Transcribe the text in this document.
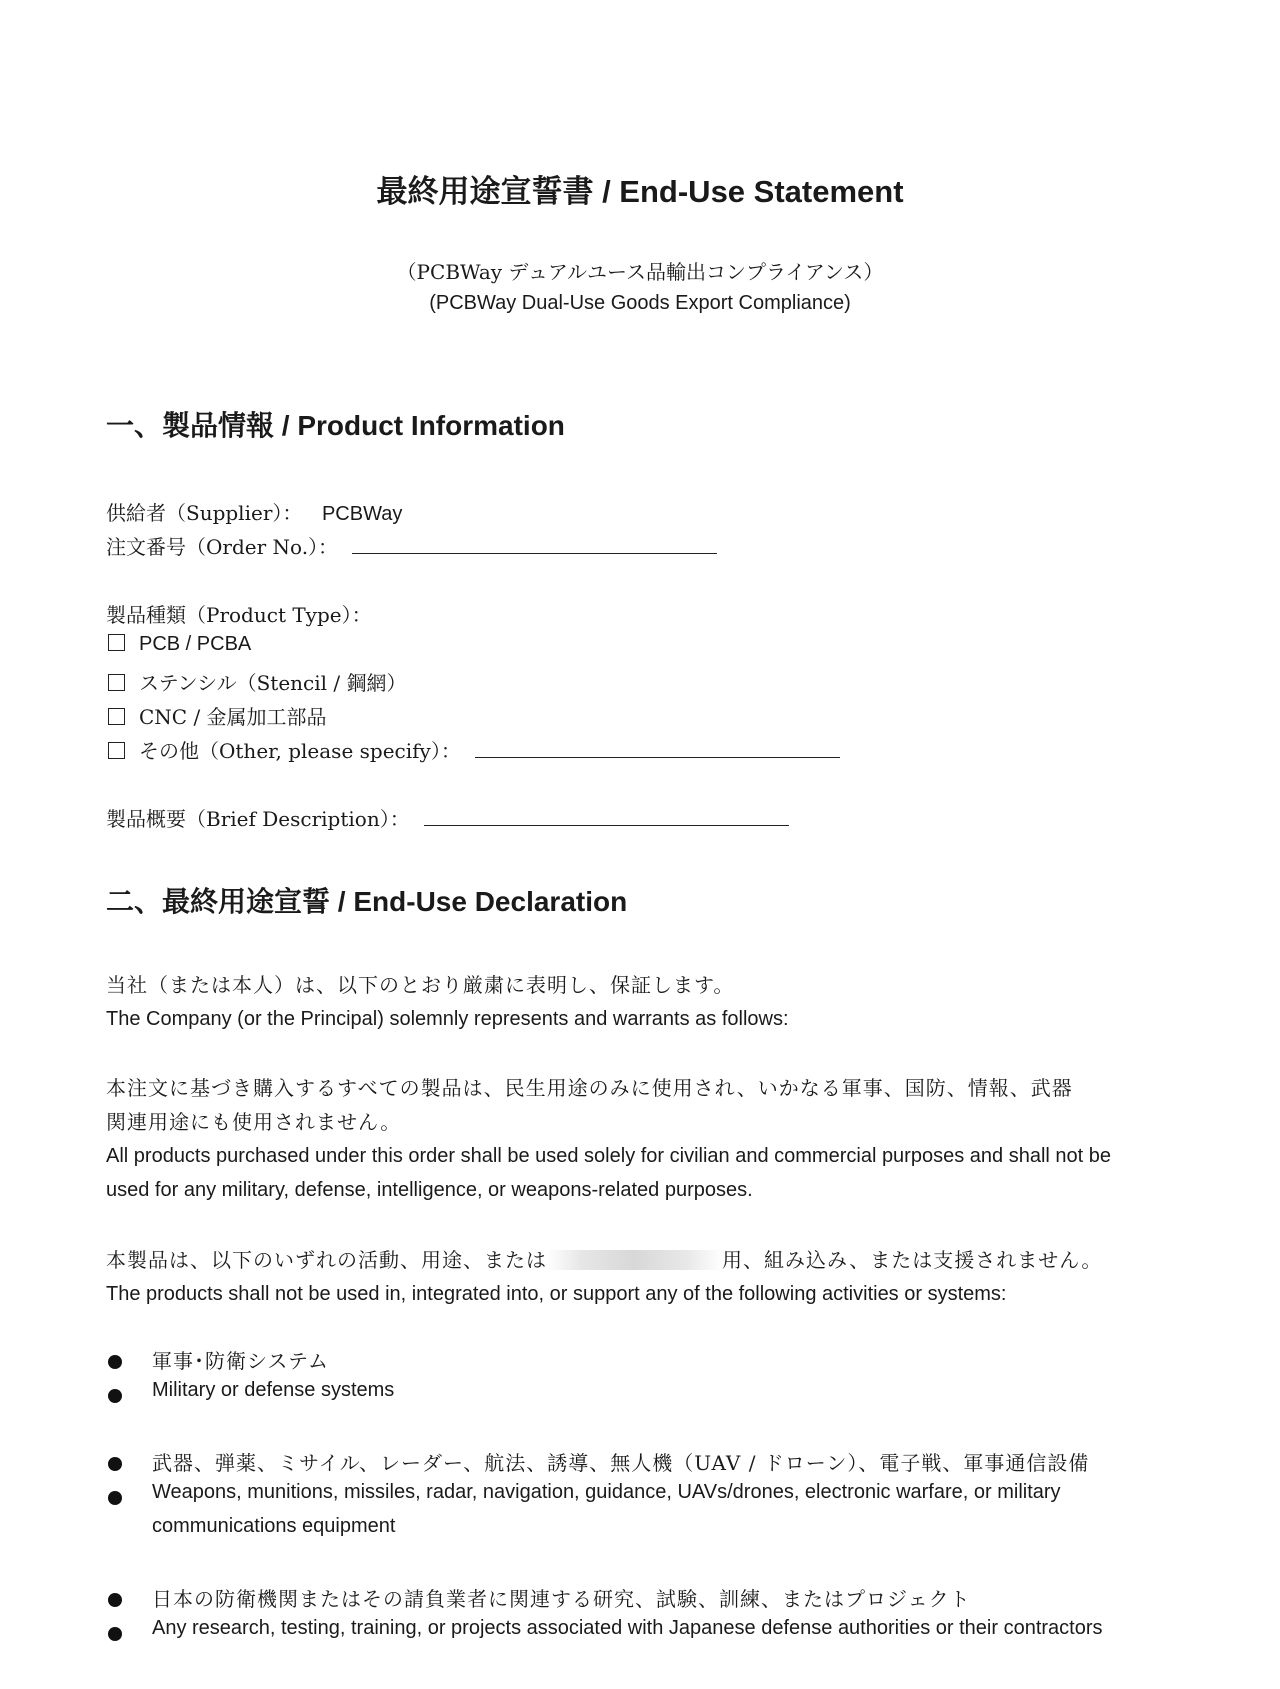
最終用途宣誓書 / End-Use Statement
（PCBWay デュアルユース品輸出コンプライアンス）
(PCBWay Dual-Use Goods Export Compliance)
一、製品情報 / Product Information
供給者（Supplier）： PCBWay
注文番号（Order No.）：
製品種類（Product Type）：
PCB / PCBA
ステンシル（Stencil / 鋼網）
CNC / 金属加工部品
その他（Other, please specify）：
製品概要（Brief Description）：
二、最終用途宣誓 / End-Use Declaration
当社（または本人）は、以下のとおり厳粛に表明し、保証します。
The Company (or the Principal) solemnly represents and warrants as follows:
本注文に基づき購入するすべての製品は、民生用途のみに使用され、いかなる軍事、国防、情報、武器
関連用途にも使用されません。
All products purchased under this order shall be used solely for civilian and commercial purposes and shall not be
used for any military, defense, intelligence, or weapons-related purposes.
本製品は、以下のいずれの活動、用途、または	用、組み込み、または支援されません。
The products shall not be used in, integrated into, or support any of the following activities or systems:
軍事･防衛システム
Military or defense systems
武器、弾薬、ミサイル、レーダー、航法、誘導、無人機（UAV / ドローン）、電子戦、軍事通信設備
Weapons, munitions, missiles, radar, navigation, guidance, UAVs/drones, electronic warfare, or military
communications equipment
日本の防衛機関またはその請負業者に関連する研究、試験、訓練、またはプロジェクト
Any research, testing, training, or projects associated with Japanese defense authorities or their contractors
